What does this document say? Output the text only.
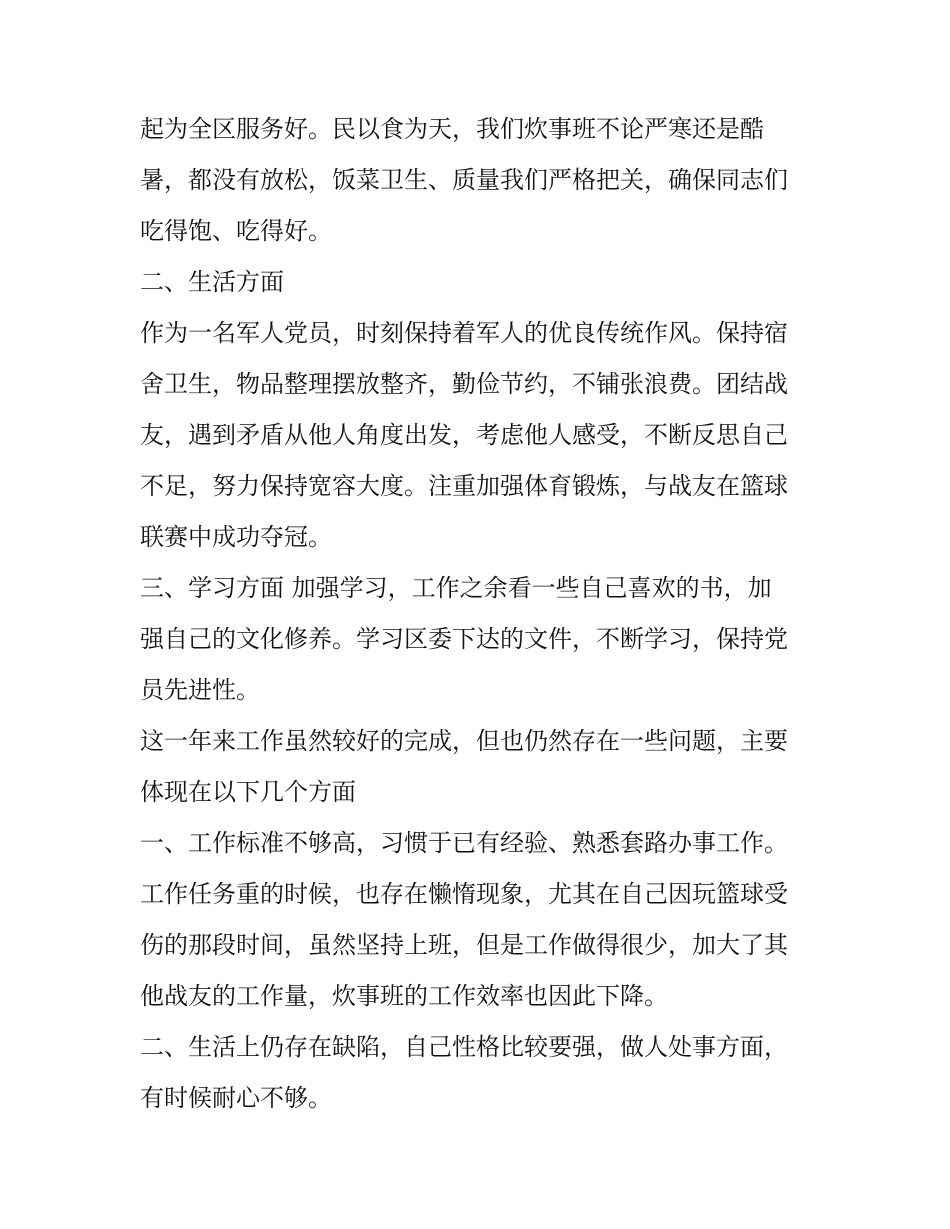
起为全区服务好。民以食为天，我们炊事班不论严寒还是酷
暑，都没有放松，饭菜卫生、质量我们严格把关，确保同志们
吃得饱、吃得好。
二、生活方面
作为一名军人党员，时刻保持着军人的优良传统作风。保持宿
舍卫生，物品整理摆放整齐，勤俭节约，不铺张浪费。团结战
友，遇到矛盾从他人角度出发，考虑他人感受，不断反思自己
不足，努力保持宽容大度。注重加强体育锻炼，与战友在篮球
联赛中成功夺冠。
三、学习方面 加强学习，工作之余看一些自己喜欢的书，加
强自己的文化修养。学习区委下达的文件，不断学习，保持党
员先进性。
这一年来工作虽然较好的完成，但也仍然存在一些问题，主要
体现在以下几个方面
一、工作标准不够高，习惯于已有经验、熟悉套路办事工作。
工作任务重的时候，也存在懒惰现象，尤其在自己因玩篮球受
伤的那段时间，虽然坚持上班，但是工作做得很少，加大了其
他战友的工作量，炊事班的工作效率也因此下降。
二、生活上仍存在缺陷，自己性格比较要强，做人处事方面，
有时候耐心不够。
